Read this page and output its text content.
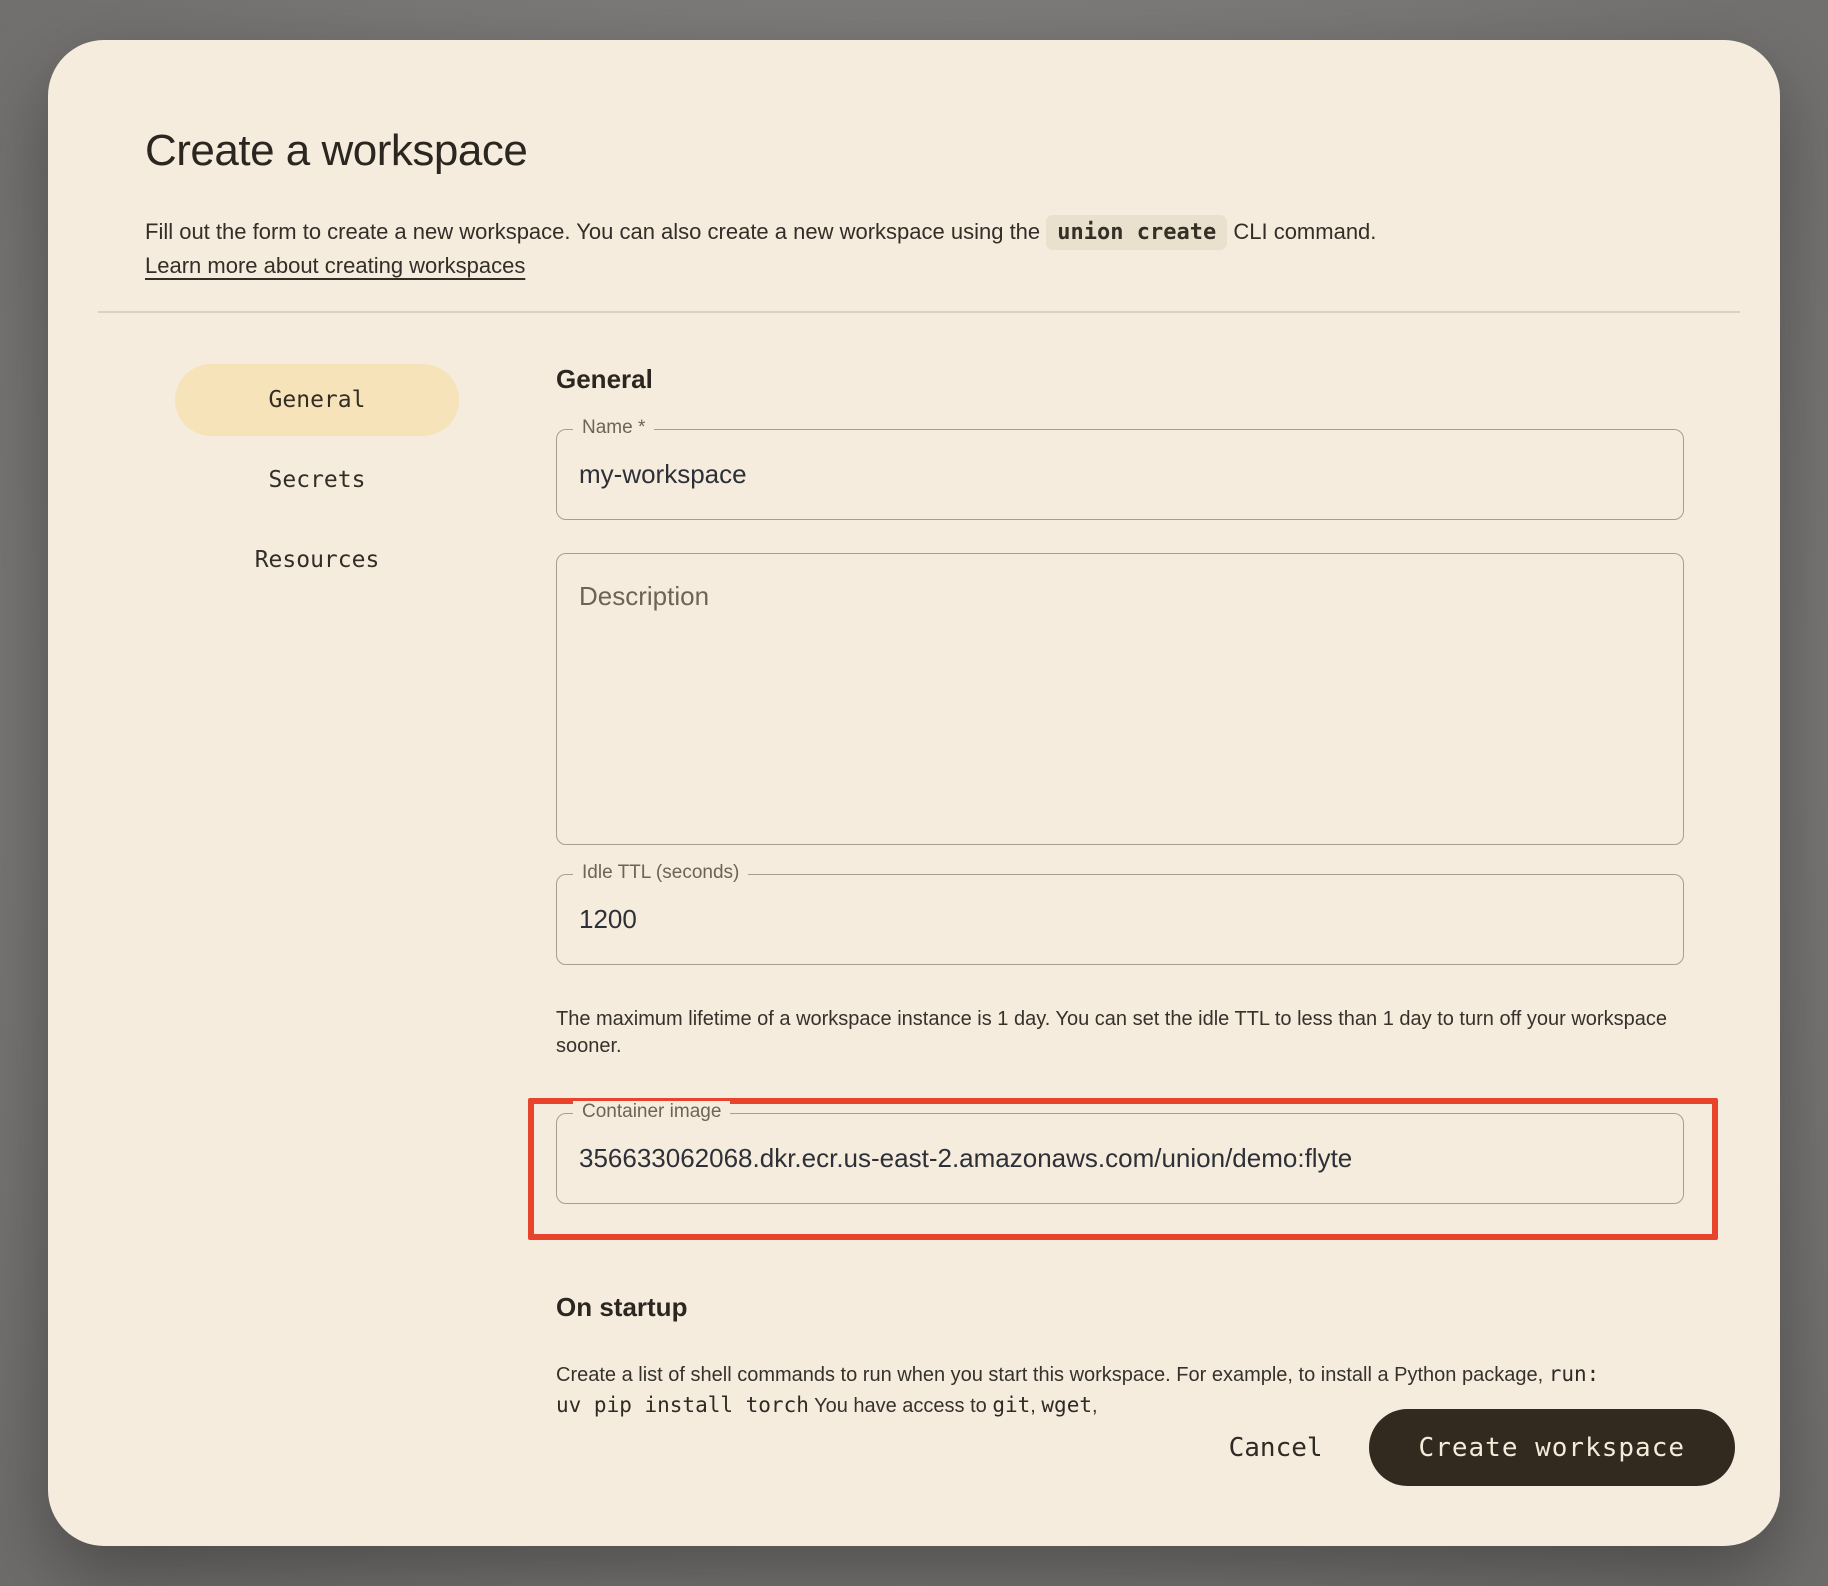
Create a workspace
Fill out the form to create a new workspace. You can also create a new workspace using the union create CLI command.
Learn more about creating workspaces
General
Secrets
Resources
General
Name *
my-workspace
Description
Idle TTL (seconds)
1200

The maximum lifetime of a workspace instance is 1 day. You can set the idle TTL to less than 1 day to turn off your workspace sooner.

Container image
356633062068.dkr.ecr.us-east-2.amazonaws.com/union/demo:flyte
On startup

Create a list of shell commands to run when you start this workspace. For example, to install a Python package, run: uv pip install torch You have access to git, wget,

Cancel	Create workspace
